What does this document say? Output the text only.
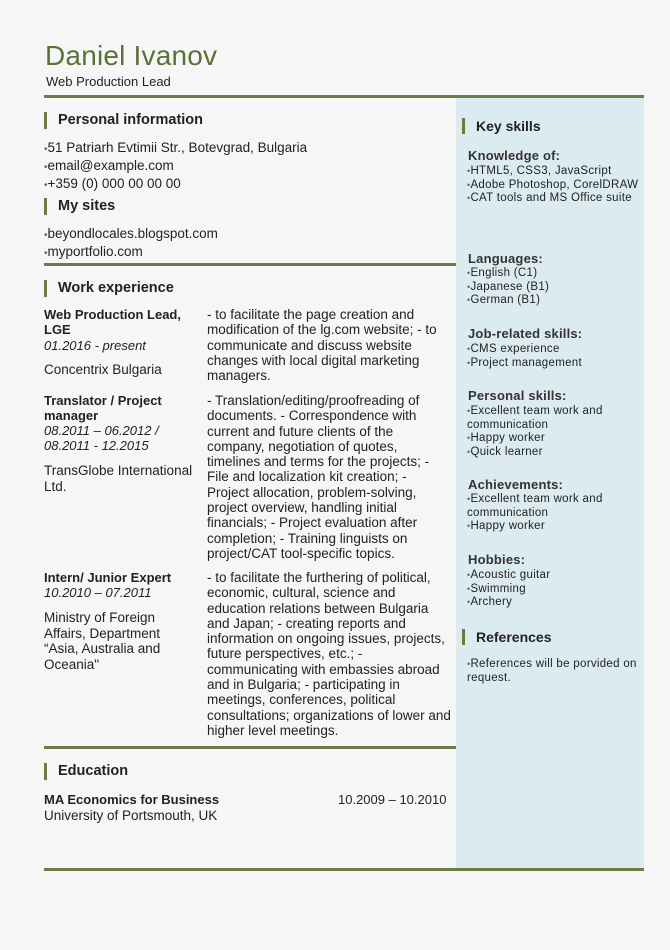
Daniel Ivanov
Web Production Lead
Personal information
• 51 Patriarh Evtimii Str., Botevgrad, Bulgaria
• email@example.com
• +359 (0) 000 00 00 00
My sites
• beyondlocales.blogspot.com
• myportfolio.com
Work experience
Web Production Lead, LGE
01.2016 - present
Concentrix Bulgaria
- to facilitate the page creation and modification of the lg.com website; - to communicate and discuss website changes with local digital marketing managers.
Translator / Project manager
08.2011 – 06.2012 / 08.2011 - 12.2015
TransGlobe International Ltd.
- Translation/editing/proofreading of documents. - Correspondence with current and future clients of the company, negotiation of quotes, timelines and terms for the projects; - File and localization kit creation; - Project allocation, problem-solving, project overview, handling initial financials; - Project evaluation after completion; - Training linguists on project/CAT tool-specific topics.
Intern/ Junior Expert
10.2010 – 07.2011
Ministry of Foreign Affairs, Department “Asia, Australia and Oceania"
- to facilitate the furthering of political, economic, cultural, science and education relations between Bulgaria and Japan; - creating reports and information on ongoing issues, projects, future perspectives, etc.; - communicating with embassies abroad and in Bulgaria; - participating in meetings, conferences, political consultations; organizations of lower and higher level meetings.
Education
MA Economics for Business	10.2009 – 10.2010
University of Portsmouth, UK
Key skills
Knowledge of:
• HTML5, CSS3, JavaScript
• Adobe Photoshop, CorelDRAW
• CAT tools and MS Office suite
Languages:
• English (C1)
• Japanese (B1)
• German (B1)
Job-related skills:
• CMS experience
• Project management
Personal skills:
• Excellent team work and communication
• Happy worker
• Quick learner
Achievements:
• Excellent team work and communication
• Happy worker
Hobbies:
• Acoustic guitar
• Swimming
• Archery
References
• References will be porvided on request.
